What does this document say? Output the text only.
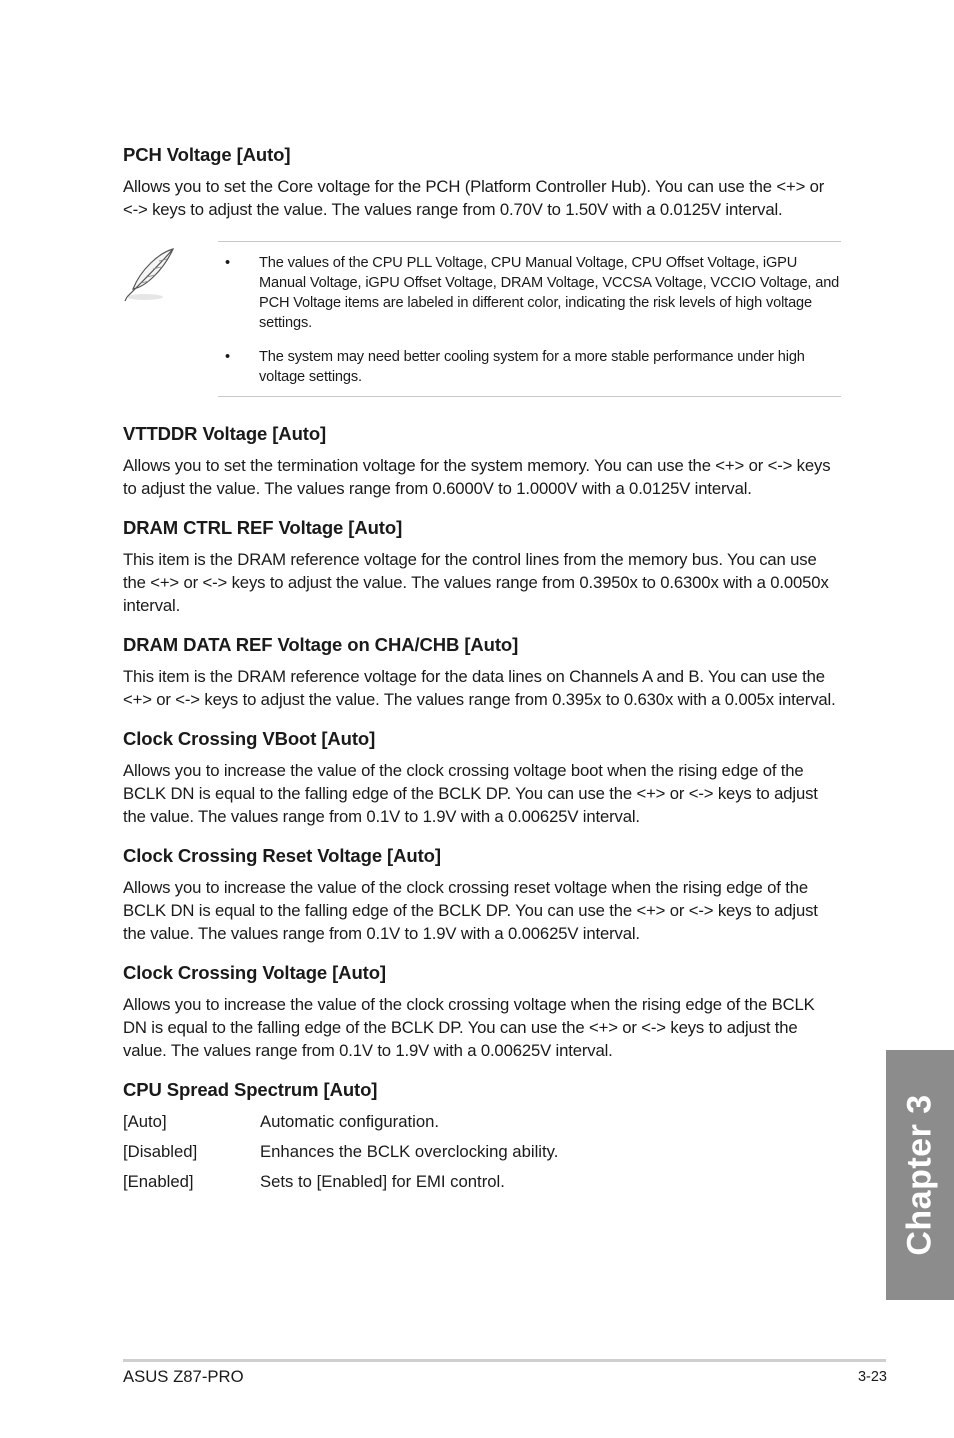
PCH Voltage [Auto]

Allows you to set the Core voltage for the PCH (Platform Controller Hub). You can use the <+> or <-> keys to adjust the value. The values range from 0.70V to 1.50V with a 0.0125V interval.

• The values of the CPU PLL Voltage, CPU Manual Voltage, CPU Offset Voltage, iGPU Manual Voltage, iGPU Offset Voltage, DRAM Voltage, VCCSA Voltage, VCCIO Voltage, and PCH Voltage items are labeled in different color, indicating the risk levels of high voltage settings.
• The system may need better cooling system for a more stable performance under high voltage settings.
VTTDDR Voltage [Auto]

Allows you to set the termination voltage for the system memory. You can use the <+> or <-> keys to adjust the value. The values range from 0.6000V to 1.0000V with a 0.0125V interval.

DRAM CTRL REF Voltage [Auto]

This item is the DRAM reference voltage for the control lines from the memory bus. You can use the <+> or <-> keys to adjust the value. The values range from 0.3950x to 0.6300x with a 0.0050x interval.

DRAM DATA REF Voltage on CHA/CHB [Auto]

This item is the DRAM reference voltage for the data lines on Channels A and B. You can use the <+> or <-> keys to adjust the value. The values range from 0.395x to 0.630x with a 0.005x interval.

Clock Crossing VBoot [Auto]

Allows you to increase the value of the clock crossing voltage boot when the rising edge of the BCLK DN is equal to the falling edge of the BCLK DP. You can use the <+> or <-> keys to adjust the value. The values range from 0.1V to 1.9V with a 0.00625V interval.

Clock Crossing Reset Voltage [Auto]

Allows you to increase the value of the clock crossing reset voltage when the rising edge of the BCLK DN is equal to the falling edge of the BCLK DP. You can use the <+> or <-> keys to adjust the value. The values range from 0.1V to 1.9V with a 0.00625V interval.

Clock Crossing Voltage [Auto]

Allows you to increase the value of the clock crossing voltage when the rising edge of the BCLK DN is equal to the falling edge of the BCLK DP. You can use the <+> or <-> keys to adjust the value. The values range from 0.1V to 1.9V with a 0.00625V interval.

CPU Spread Spectrum [Auto]
[Auto]	Automatic configuration.
[Disabled]	Enhances the BCLK overclocking ability.
[Enabled]	Sets to [Enabled] for EMI control.	Chapter 3
ASUS Z87-PRO	3-23
